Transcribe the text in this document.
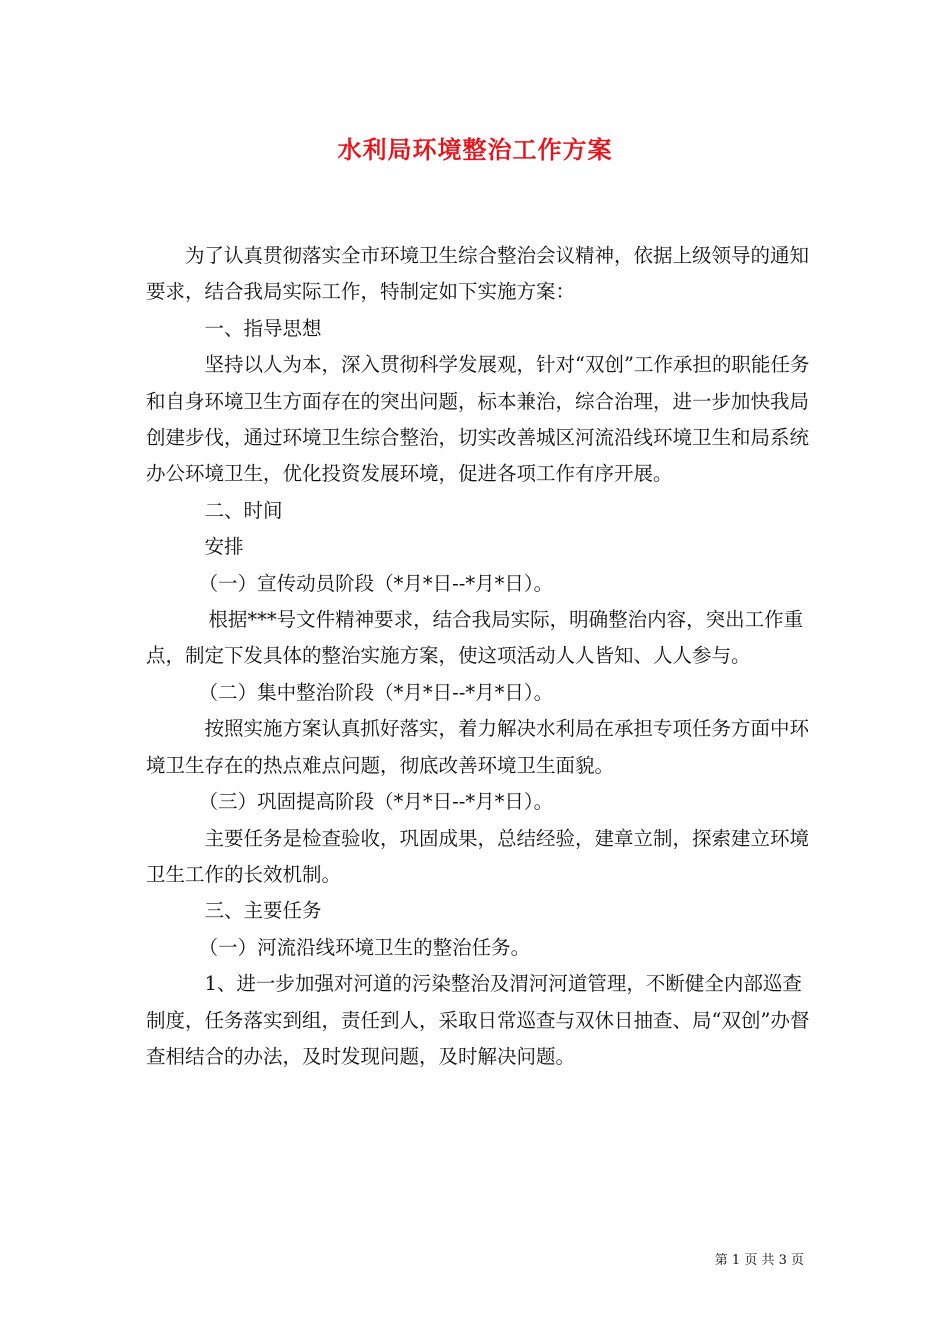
水利局环境整治工作方案

为了认真贯彻落实全市环境卫生综合整治会议精神，依据上级领导的通知要求，结合我局实际工作，特制定如下实施方案：

一、指导思想

坚持以人为本，深入贯彻科学发展观，针对“双创”工作承担的职能任务和自身环境卫生方面存在的突出问题，标本兼治，综合治理，进一步加快我局创建步伐，通过环境卫生综合整治，切实改善城区河流沿线环境卫生和局系统办公环境卫生，优化投资发展环境，促进各项工作有序开展。

二、时间

安排

（一）宣传动员阶段（*月*日--*月*日）。

根据***号文件精神要求，结合我局实际，明确整治内容，突出工作重点，制定下发具体的整治实施方案，使这项活动人人皆知、人人参与。

（二）集中整治阶段（*月*日--*月*日）。

按照实施方案认真抓好落实，着力解决水利局在承担专项任务方面中环境卫生存在的热点难点问题，彻底改善环境卫生面貌。

（三）巩固提高阶段（*月*日--*月*日）。

主要任务是检查验收，巩固成果，总结经验，建章立制，探索建立环境卫生工作的长效机制。

三、主要任务

（一）河流沿线环境卫生的整治任务。

1、进一步加强对河道的污染整治及渭河河道管理，不断健全内部巡查制度，任务落实到组，责任到人，采取日常巡查与双休日抽查、局“双创”办督查相结合的办法，及时发现问题，及时解决问题。

第 1 页 共 3 页
